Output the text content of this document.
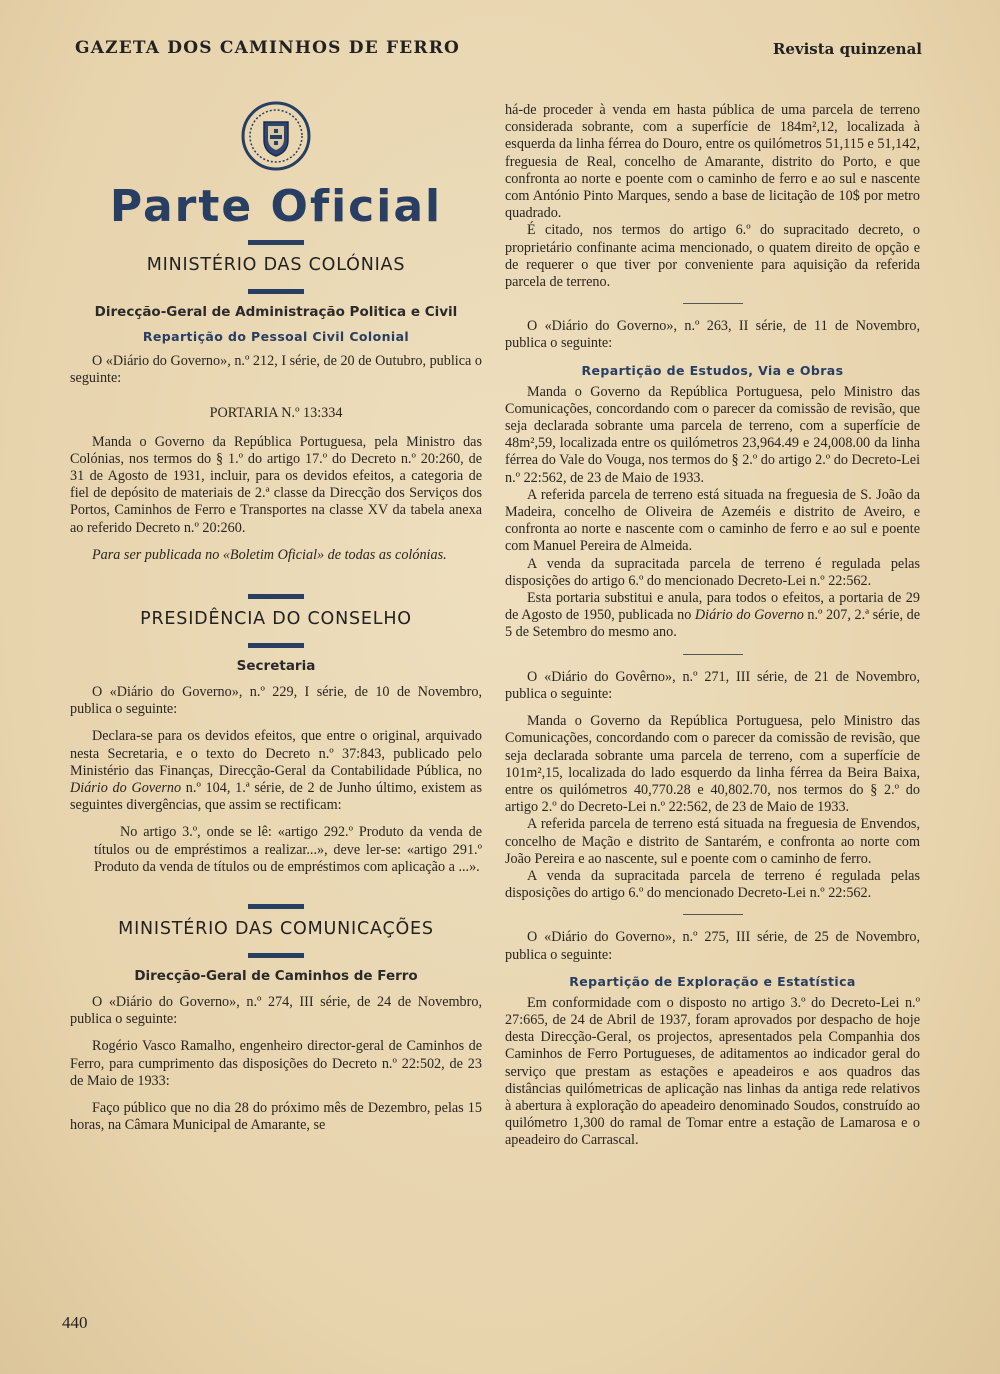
GAZETA DOS CAMINHOS DE FERRO	Revista quinzenal
Parte Oficial
MINISTÉRIO DAS COLÓNIAS
Direcção-Geral de Administração Politica e Civil
Repartição do Pessoal Civil Colonial

O «Diário do Governo», n.º 212, I série, de 20 de Outubro, publica o seguinte:

PORTARIA N.º 13:334

Manda o Governo da República Portuguesa, pela Ministro das Colónias, nos termos do § 1.º do artigo 17.º do Decreto n.º 20:260, de 31 de Agosto de 1931, incluir, para os devidos efeitos, a categoria de fiel de depósito de materiais de 2.ª classe da Direcção dos Serviços dos Portos, Caminhos de Ferro e Transportes na classe XV da tabela anexa ao referido Decreto n.º 20:260.

Para ser publicada no «Boletim Oficial» de todas as colónias.

PRESIDÊNCIA DO CONSELHO
Secretaria

O «Diário do Governo», n.º 229, I série, de 10 de Novembro, publica o seguinte:

Declara-se para os devidos efeitos, que entre o original, arquivado nesta Secretaria, e o texto do Decreto n.º 37:843, publicado pelo Ministério das Finanças, Direcção-Geral da Contabilidade Pública, no Diário do Governo n.º 104, 1.ª série, de 2 de Junho último, existem as seguintes divergências, que assim se rectificam:

No artigo 3.º, onde se lê: «artigo 292.º Produto da venda de títulos ou de empréstimos a realizar...», deve ler-se: «artigo 291.º Produto da venda de títulos ou de empréstimos com aplicação a ...».

MINISTÉRIO DAS COMUNICAÇÕES
Direcção-Geral de Caminhos de Ferro

O «Diário do Governo», n.º 274, III série, de 24 de Novembro, publica o seguinte:

Rogério Vasco Ramalho, engenheiro director-geral de Caminhos de Ferro, para cumprimento das disposições do Decreto n.º 22:502, de 23 de Maio de 1933:

Faço público que no dia 28 do próximo mês de Dezembro, pelas 15 horas, na Câmara Municipal de Amarante, se

há-de proceder à venda em hasta pública de uma parcela de terreno considerada sobrante, com a superfície de 184m²,12, localizada à esquerda da linha férrea do Douro, entre os quilómetros 51,115 e 51,142, freguesia de Real, concelho de Amarante, distrito do Porto, e que confronta ao norte e poente com o caminho de ferro e ao sul e nascente com António Pinto Marques, sendo a base de licitação de 10$ por metro quadrado.

É citado, nos termos do artigo 6.º do supracitado decreto, o proprietário confinante acima mencionado, o quatem direito de opção e de requerer o que tiver por conveniente para aquisição da referida parcela de terreno.

O «Diário do Governo», n.º 263, II série, de 11 de Novembro, publica o seguinte:

Repartição de Estudos, Via e Obras

Manda o Governo da República Portuguesa, pelo Ministro das Comunicações, concordando com o parecer da comissão de revisão, que seja declarada sobrante uma parcela de terreno, com a superfície de 48m²,59, localizada entre os quilómetros 23,964.49 e 24,008.00 da linha férrea do Vale do Vouga, nos termos do § 2.º do artigo 2.º do Decreto-Lei n.º 22:562, de 23 de Maio de 1933.

A referida parcela de terreno está situada na freguesia de S. João da Madeira, concelho de Oliveira de Azeméis e distrito de Aveiro, e confronta ao norte e nascente com o caminho de ferro e ao sul e poente com Manuel Pereira de Almeida.

A venda da supracitada parcela de terreno é regulada pelas disposições do artigo 6.º do mencionado Decreto-Lei n.º 22:562.

Esta portaria substitui e anula, para todos o efeitos, a portaria de 29 de Agosto de 1950, publicada no Diário do Governo n.º 207, 2.ª série, de 5 de Setembro do mesmo ano.

O «Diário do Govêrno», n.º 271, III série, de 21 de Novembro, publica o seguinte:

Manda o Governo da República Portuguesa, pelo Ministro das Comunicações, concordando com o parecer da comissão de revisão, que seja declarada sobrante uma parcela de terreno, com a superfície de 101m²,15, localizada do lado esquerdo da linha férrea da Beira Baixa, entre os quilómetros 40,770.28 e 40,802.70, nos termos do § 2.º do artigo 2.º do Decreto-Lei n.º 22:562, de 23 de Maio de 1933.

A referida parcela de terreno está situada na freguesia de Envendos, concelho de Mação e distrito de Santarém, e confronta ao norte com João Pereira e ao nascente, sul e poente com o caminho de ferro.

A venda da supracitada parcela de terreno é regulada pelas disposições do artigo 6.º do mencionado Decreto-Lei n.º 22:562.

O «Diário do Governo», n.º 275, III série, de 25 de Novembro, publica o seguinte:

Repartição de Exploração e Estatística

Em conformidade com o disposto no artigo 3.º do Decreto-Lei n.º 27:665, de 24 de Abril de 1937, foram aprovados por despacho de hoje desta Direcção-Geral, os projectos, apresentados pela Companhia dos Caminhos de Ferro Portugueses, de aditamentos ao indicador geral do serviço que prestam as estações e apeadeiros e aos quadros das distâncias quilómetricas de aplicação nas linhas da antiga rede relativos à abertura à exploração do apeadeiro denominado Soudos, construído ao quilómetro 1,300 do ramal de Tomar entre a estação de Lamarosa e o apeadeiro do Carrascal.

440
